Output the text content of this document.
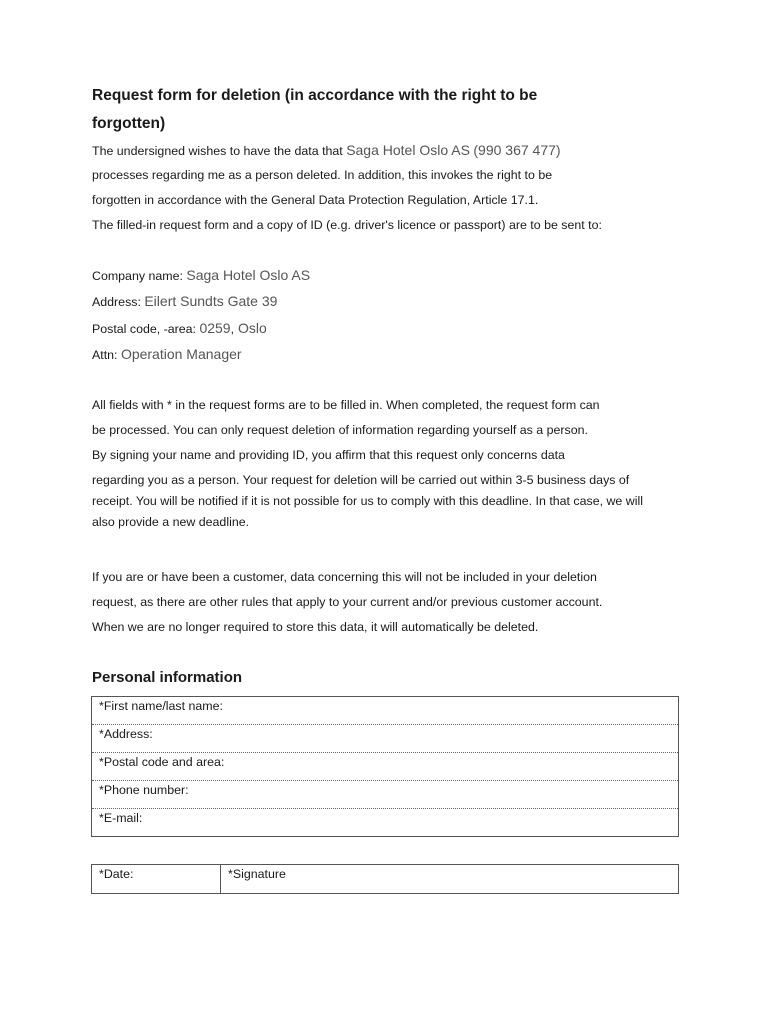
Request form for deletion (in accordance with the right to be
forgotten)
The undersigned wishes to have the data that Saga Hotel Oslo AS (990 367 477)
processes regarding me as a person deleted. In addition, this invokes the right to be
forgotten in accordance with the General Data Protection Regulation, Article 17.1.
The filled-in request form and a copy of ID (e.g. driver's licence or passport) are to be sent to:
Company name: Saga Hotel Oslo AS
Address: Eilert Sundts Gate 39
Postal code, -area: 0259, Oslo
Attn: Operation Manager
All fields with * in the request forms are to be filled in. When completed, the request form can
be processed. You can only request deletion of information regarding yourself as a person.
By signing your name and providing ID, you affirm that this request only concerns data
regarding you as a person. Your request for deletion will be carried out within 3-5 business days of
receipt. You will be notified if it is not possible for us to comply with this deadline. In that case, we will
also provide a new deadline.
If you are or have been a customer, data concerning this will not be included in your deletion
request, as there are other rules that apply to your current and/or previous customer account.
When we are no longer required to store this data, it will automatically be deleted.
Personal information
*First name/last name:
*Address:
*Postal code and area:
*Phone number:
*E-mail:
*Date:	*Signature
